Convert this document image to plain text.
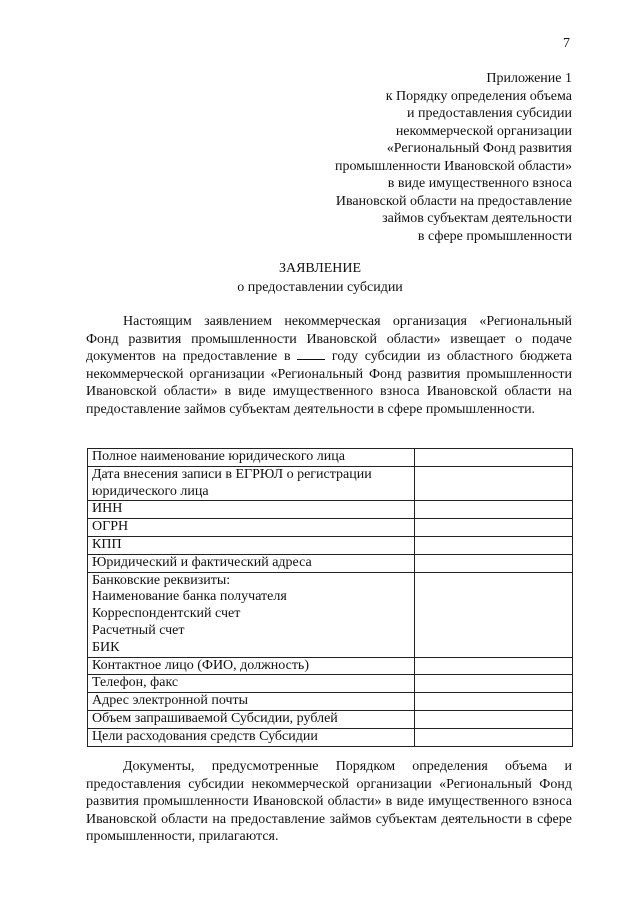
7
Приложение 1
к Порядку определения объема
и предоставления субсидии
некоммерческой организации
«Региональный Фонд развития
промышленности Ивановской области»
в виде имущественного взноса
Ивановской области на предоставление
займов субъектам деятельности
в сфере промышленности
ЗАЯВЛЕНИЕ
о предоставлении субсидии

Настоящим заявлением некоммерческая организация «Региональный Фонд развития промышленности Ивановской области» извещает о подаче документов на предоставление в  году субсидии из областного бюджета некоммерческой организации «Региональный Фонд развития промышленности Ивановской области» в виде имущественного взноса Ивановской области на предоставление займов субъектам деятельности в сфере промышленности.

Полное наименование юридического лица	

Дата внесения записи в ЕГРЮЛ о регистрации
юридического лица	

ИНН	

ОГРН	

КПП	

Юридический и фактический адреса	

Банковские реквизиты:
Наименование банка получателя
Корреспондентский счет
Расчетный счет
БИК	

Контактное лицо (ФИО, должность)	

Телефон, факс	

Адрес электронной почты	

Объем запрашиваемой Субсидии, рублей	

Цели расходования средств Субсидии	

Документы, предусмотренные Порядком определения объема и предоставления субсидии некоммерческой организации «Региональный Фонд развития промышленности Ивановской области» в виде имущественного взноса Ивановской области на предоставление займов субъектам деятельности в сфере промышленности, прилагаются.
